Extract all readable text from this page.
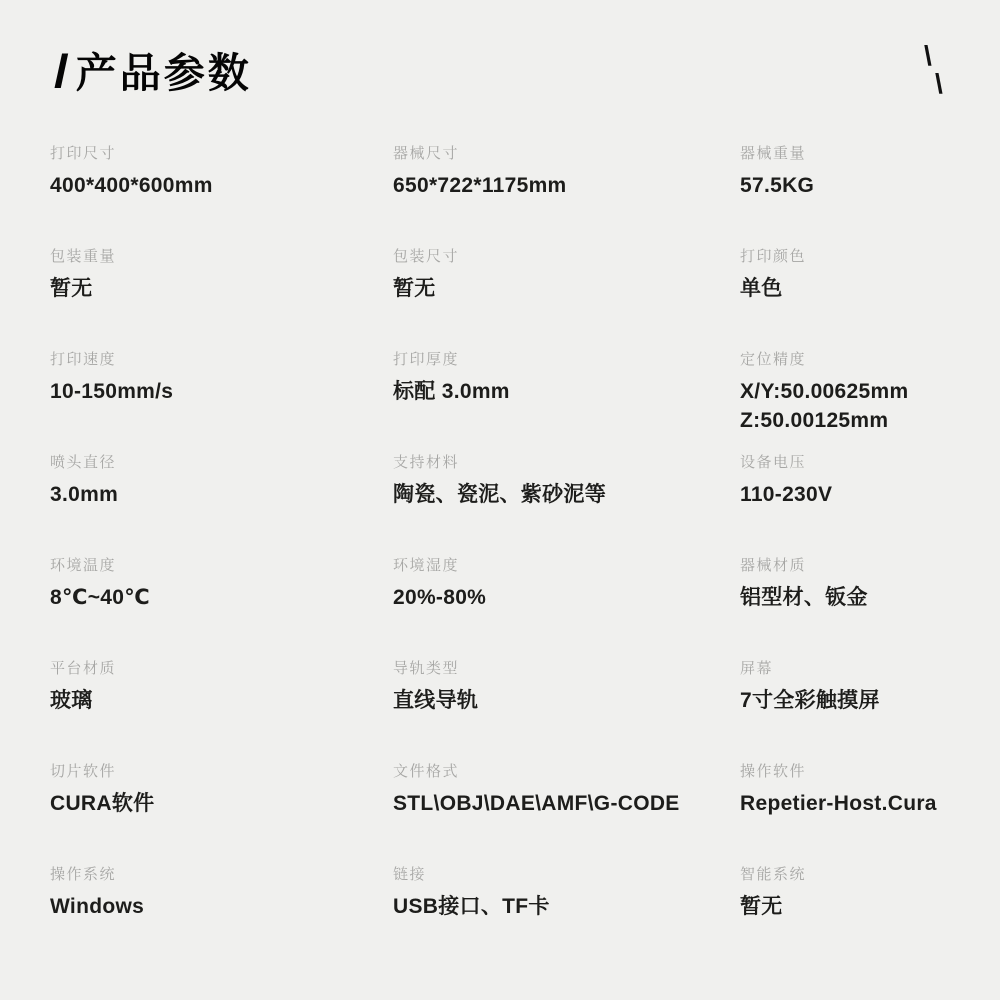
/ 产品参数	\
\
打印尺寸
400*400*600mm
器械尺寸
650*722*1175mm
器械重量
57.5KG
包装重量
暂无
包装尺寸
暂无
打印颜色
单色
打印速度
10-150mm/s
打印厚度
标配 3.0mm
定位精度
X/Y:50.00625mm
Z:50.00125mm
喷头直径
3.0mm
支持材料
陶瓷、瓷泥、紫砂泥等
设备电压
110-230V
环境温度
8℃~40℃
环境湿度
20%-80%
器械材质
铝型材、钣金
平台材质
玻璃
导轨类型
直线导轨
屏幕
7寸全彩触摸屏
切片软件
CURA软件
文件格式
STL\OBJ\DAE\AMF\G-CODE
操作软件
Repetier-Host.Cura
操作系统
Windows
链接
USB接口、TF卡
智能系统
暂无
